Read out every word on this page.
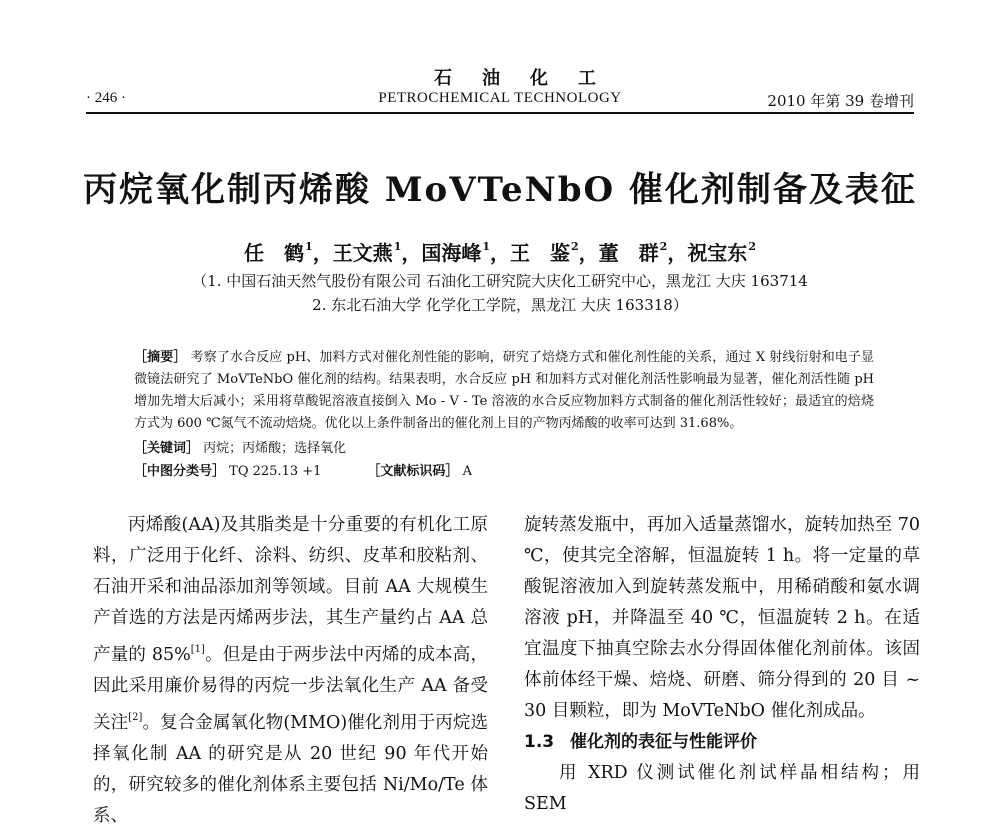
石油化工
· 246 ·	PETROCHEMICAL TECHNOLOGY	2010 年第 39 卷增刊
丙烷氧化制丙烯酸 MoVTeNbO 催化剂制备及表征
任　鹤$^1$，王文燕$^1$，国海峰$^1$，王　鉴$^2$，董　群$^2$，祝宝东$^2$
（1. 中国石油天然气股份有限公司 石油化工研究院大庆化工研究中心，黑龙江 大庆 163714
2. 东北石油大学 化学化工学院，黑龙江 大庆 163318）
［摘要］ 考察了水合反应 pH、加料方式对催化剂性能的影响，研究了焙烧方式和催化剂性能的关系，通过 X 射线衍射和电子显微镜法研究了 MoVTeNbO 催化剂的结构。结果表明，水合反应 pH 和加料方式对催化剂活性影响最为显著，催化剂活性随 pH 增加先增大后减小；采用将草酸铌溶液直接倒入 Mo - V - Te 溶液的水合反应物加料方式制备的催化剂活性较好；最适宜的焙烧方式为 600 ℃氮气不流动焙烧。优化以上条件制备出的催化剂上目的产物丙烯酸的收率可达到 31.68%。
［关键词］ 丙烷；丙烯酸；选择氧化
［中图分类号］ TQ 225.13 +1	［文献标识码］ A

丙烯酸(AA)及其脂类是十分重要的有机化工原料，广泛用于化纤、涂料、纺织、皮革和胶粘剂、石油开采和油品添加剂等领域。目前 AA 大规模生产首选的方法是丙烯两步法，其生产量约占 AA 总产量的 85%[1]。但是由于两步法中丙烯的成本高，因此采用廉价易得的丙烷一步法氧化生产 AA 备受关注[2]。复合金属氧化物(MMO)催化剂用于丙烷选择氧化制 AA 的研究是从 20 世纪 90 年代开始的，研究较多的催化剂体系主要包括 Ni/Mo/Te 体系、

旋转蒸发瓶中，再加入适量蒸馏水，旋转加热至 70 ℃，使其完全溶解，恒温旋转 1 h。将一定量的草酸铌溶液加入到旋转蒸发瓶中，用稀硝酸和氨水调溶液 pH，并降温至 40 ℃，恒温旋转 2 h。在适宜温度下抽真空除去水分得固体催化剂前体。该固体前体经干燥、焙烧、研磨、筛分得到的 20 目 ~ 30 目颗粒，即为 MoVTeNbO 催化剂成品。

1.3 催化剂的表征与性能评价

用 XRD 仪测试催化剂试样晶相结构；用 SEM
